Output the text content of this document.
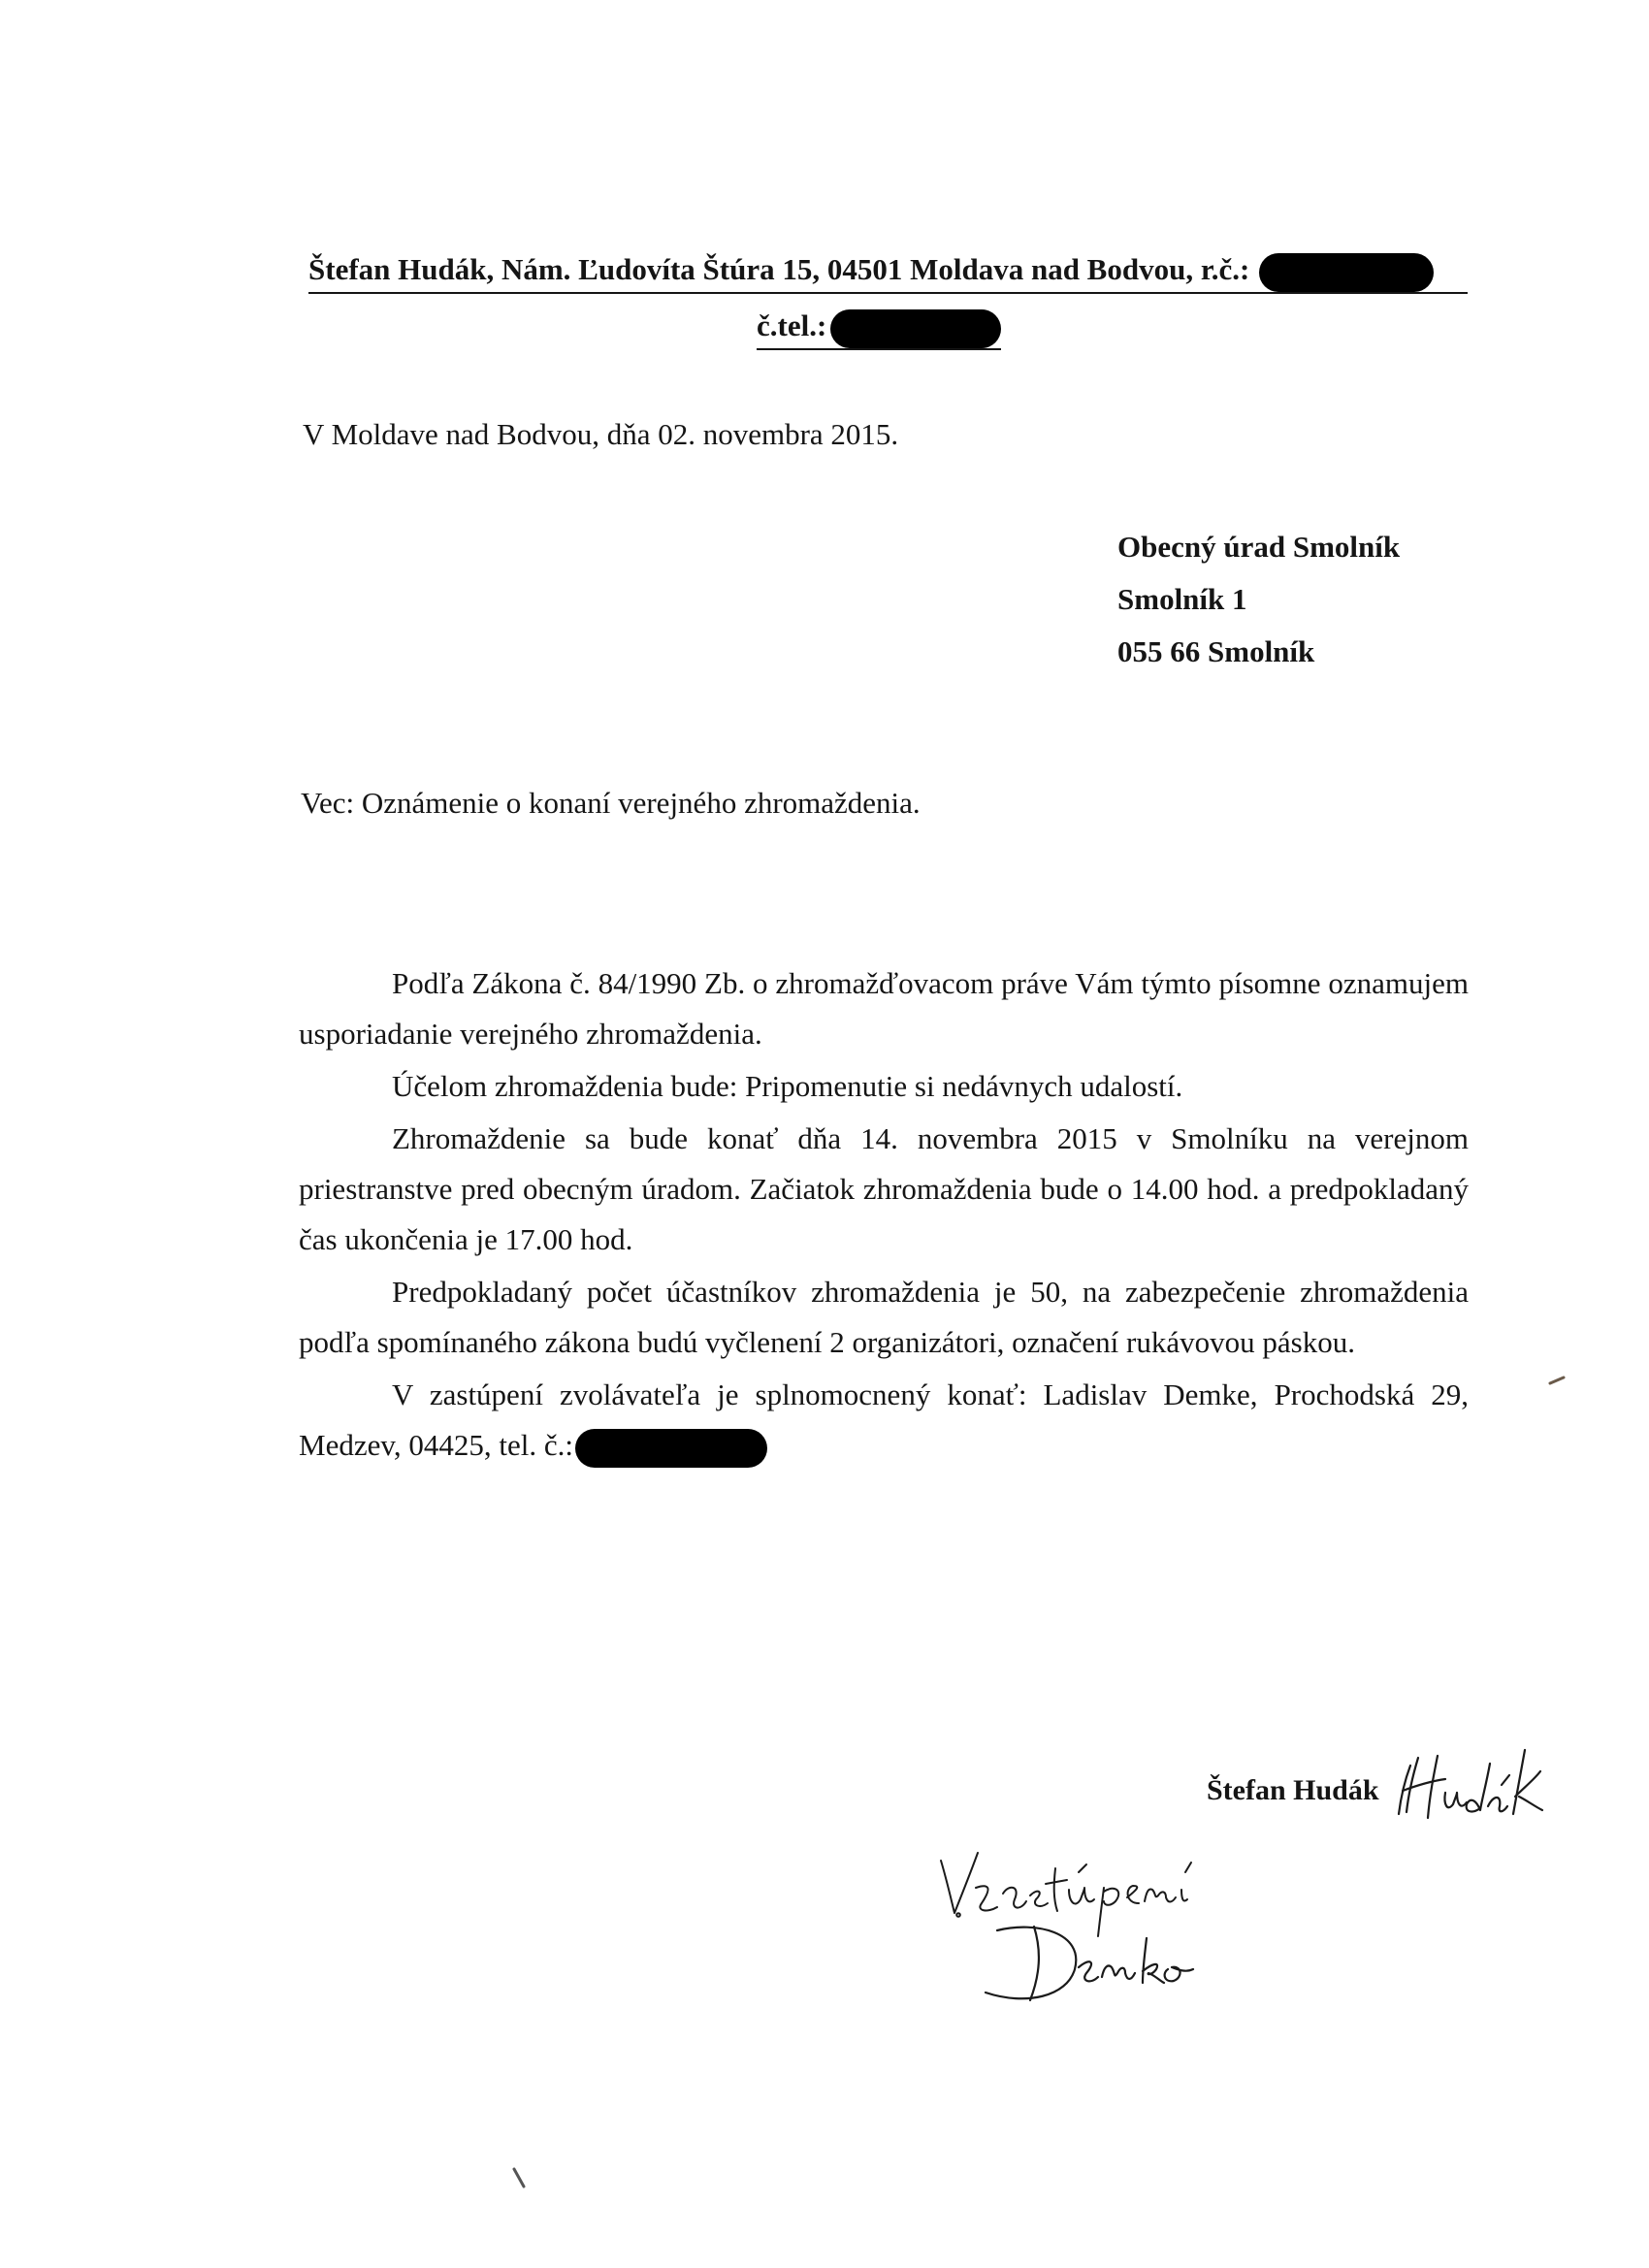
Štefan Hudák, Nám. Ľudovíta Štúra 15, 04501 Moldava nad Bodvou, r.č.:
č.tel.:
V Moldave nad Bodvou, dňa 02. novembra 2015.
Obecný úrad Smolník
Smolník 1
055 66 Smolník
Vec: Oznámenie o konaní verejného zhromaždenia.

Podľa Zákona č. 84/1990 Zb. o zhromažďovacom práve Vám týmto písomne oznamujem usporiadanie verejného zhromaždenia.

Účelom zhromaždenia bude: Pripomenutie si nedávnych udalostí.

Zhromaždenie sa bude konať dňa 14. novembra 2015 v Smolníku na verejnom priestranstve pred obecným úradom. Začiatok zhromaždenia bude o 14.00 hod. a predpokladaný čas ukončenia je 17.00 hod.

Predpokladaný počet účastníkov zhromaždenia je 50, na zabezpečenie zhromaždenia podľa spomínaného zákona budú vyčlenení 2 organizátori, označení rukávovou páskou.

V zastúpení zvolávateľa je splnomocnený konať: Ladislav Demke, Prochodská 29, Medzev, 04425, tel. č.:

Štefan Hudák
